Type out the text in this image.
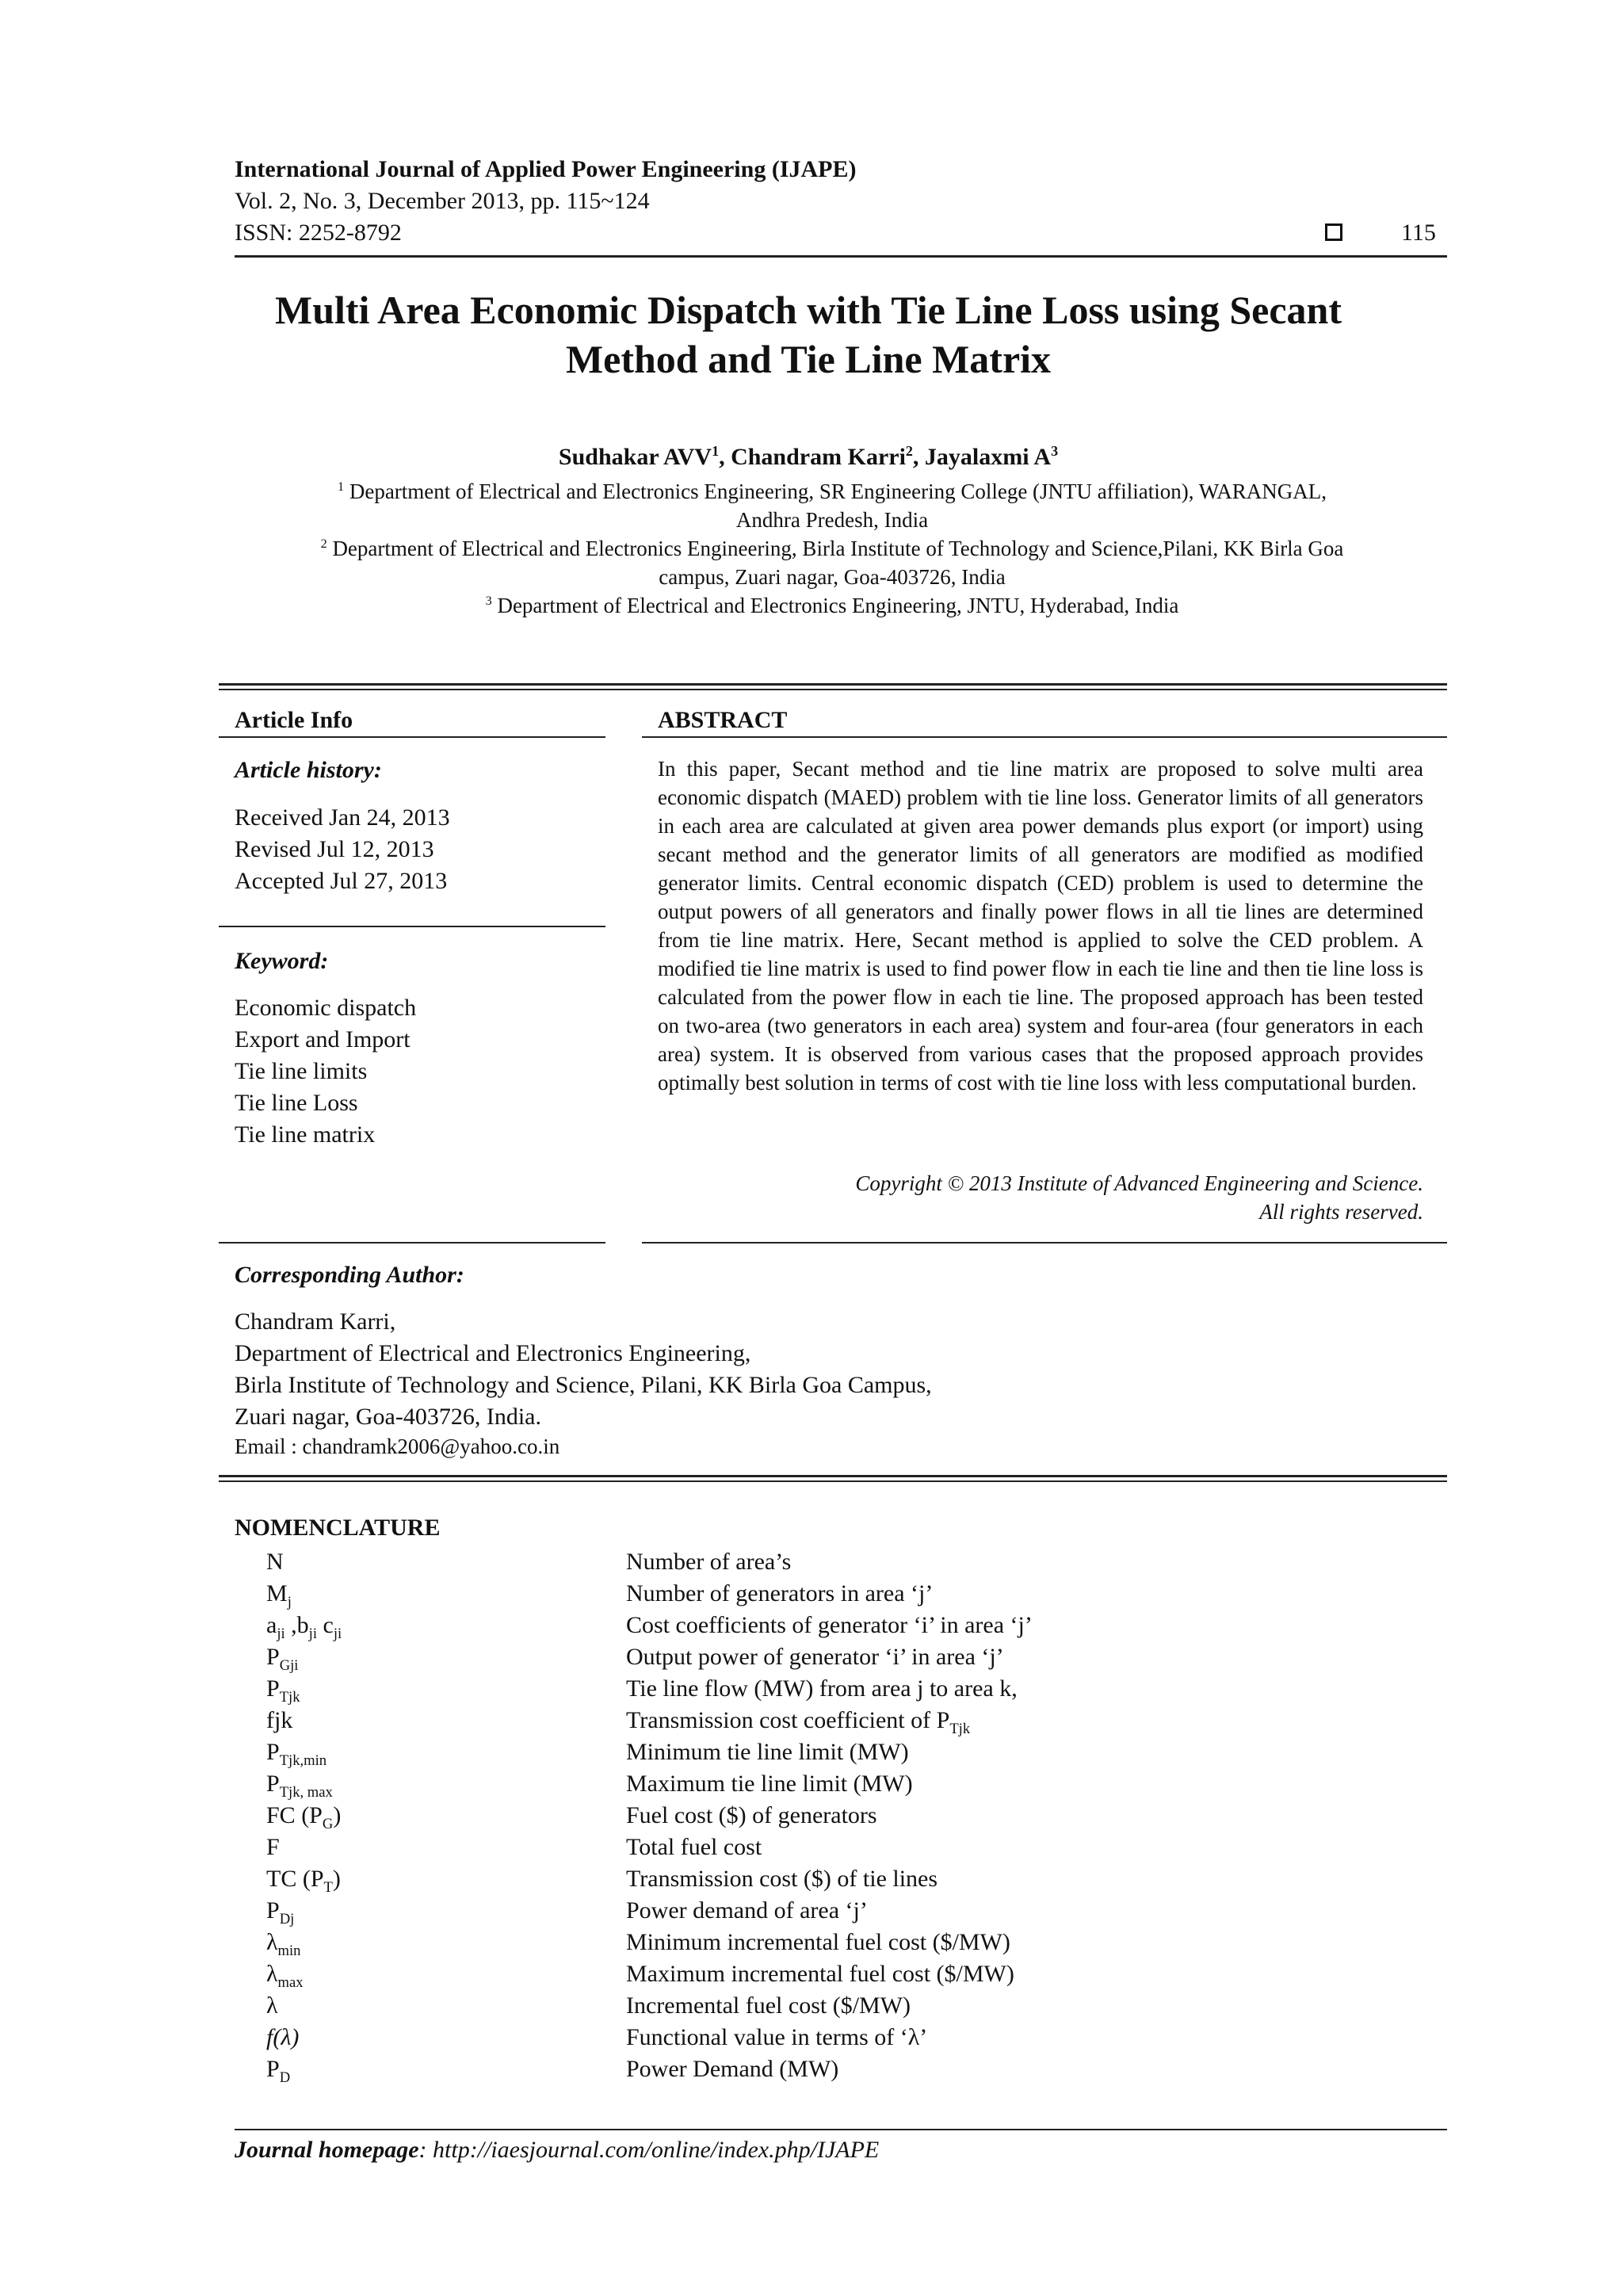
International Journal of Applied Power Engineering (IJAPE)
Vol. 2, No. 3, December 2013, pp. 115~124
ISSN: 2252-8792	115
Multi Area Economic Dispatch with Tie Line Loss using Secant
Method and Tie Line Matrix
Sudhakar AVV$^1$, Chandram Karri$^2$, Jayalaxmi $A^3$
$^1$ Department of Electrical and Electronics Engineering, SR Engineering College (JNTU affiliation), WARANGAL,
Andhra Predesh, India
$^2$ Department of Electrical and Electronics Engineering, Birla Institute of Technology and Science,Pilani, KK Birla Goa
campus, Zuari nagar, Goa-403726, India
$^3$ Department of Electrical and Electronics Engineering, JNTU, Hyderabad, India
Article Info
Article history:
Received Jan 24, 2013
Revised Jul 12, 2013
Accepted Jul 27, 2013
Keyword:
Economic dispatch
Export and Import
Tie line limits
Tie line Loss
Tie line matrix
ABSTRACT
In this paper, Secant method and tie line matrix are proposed to solve multi area economic dispatch (MAED) problem with tie line loss. Generator limits of all generators in each area are calculated at given area power demands plus export (or import) using secant method and the generator limits of all generators are modified as modified generator limits. Central economic dispatch (CED) problem is used to determine the output powers of all generators and finally power flows in all tie lines are determined from tie line matrix. Here, Secant method is applied to solve the CED problem. A modified tie line matrix is used to find power flow in each tie line and then tie line loss is calculated from the power flow in each tie line. The proposed approach has been tested on two-area (two generators in each area) system and four-area (four generators in each area) system. It is observed from various cases that the proposed approach provides optimally best solution in terms of cost with tie line loss with less computational burden.
Copyright © 2013 Institute of Advanced Engineering and Science.
All rights reserved.
Corresponding Author:
Chandram Karri,
Department of Electrical and Electronics Engineering,
Birla Institute of Technology and Science, Pilani, KK Birla Goa Campus,
Zuari nagar, Goa-403726, India.
Email : chandramk2006@yahoo.co.in
NOMENCLATURE
N	Number of area’s
$M_j$	Number of generators in area ‘j’
$a_{ji}$ $,b_{ji}$ $c_{ji}$	Cost coefficients of generator ‘i’ in area ‘j’
$P_{Gji}$	Output power of generator ‘i’ in area ‘j’
$P_{Tjk}$	Tie line flow (MW) from area j to area k,
fjk	Transmission cost coefficient of $P_{Tjk}$
$P_{Tjk,min}$	Minimum tie line limit (MW)
$P_{Tjk, max}$	Maximum tie line limit (MW)
FC $(P_G)$	Fuel cost ($) of generators
F	Total fuel cost
TC $(P_T)$	Transmission cost ($) of tie lines
$P_{Dj}$	Power demand of area ‘j’
$\lambda_{min}$	Minimum incremental fuel cost ($/MW)
$\lambda_{max}$	Maximum incremental fuel cost ($/MW)
λ	Incremental fuel cost ($/MW)
f(λ)	Functional value in terms of ‘λ’
$P_D$	Power Demand (MW)
Journal homepage: http://iaesjournal.com/online/index.php/IJAPE
